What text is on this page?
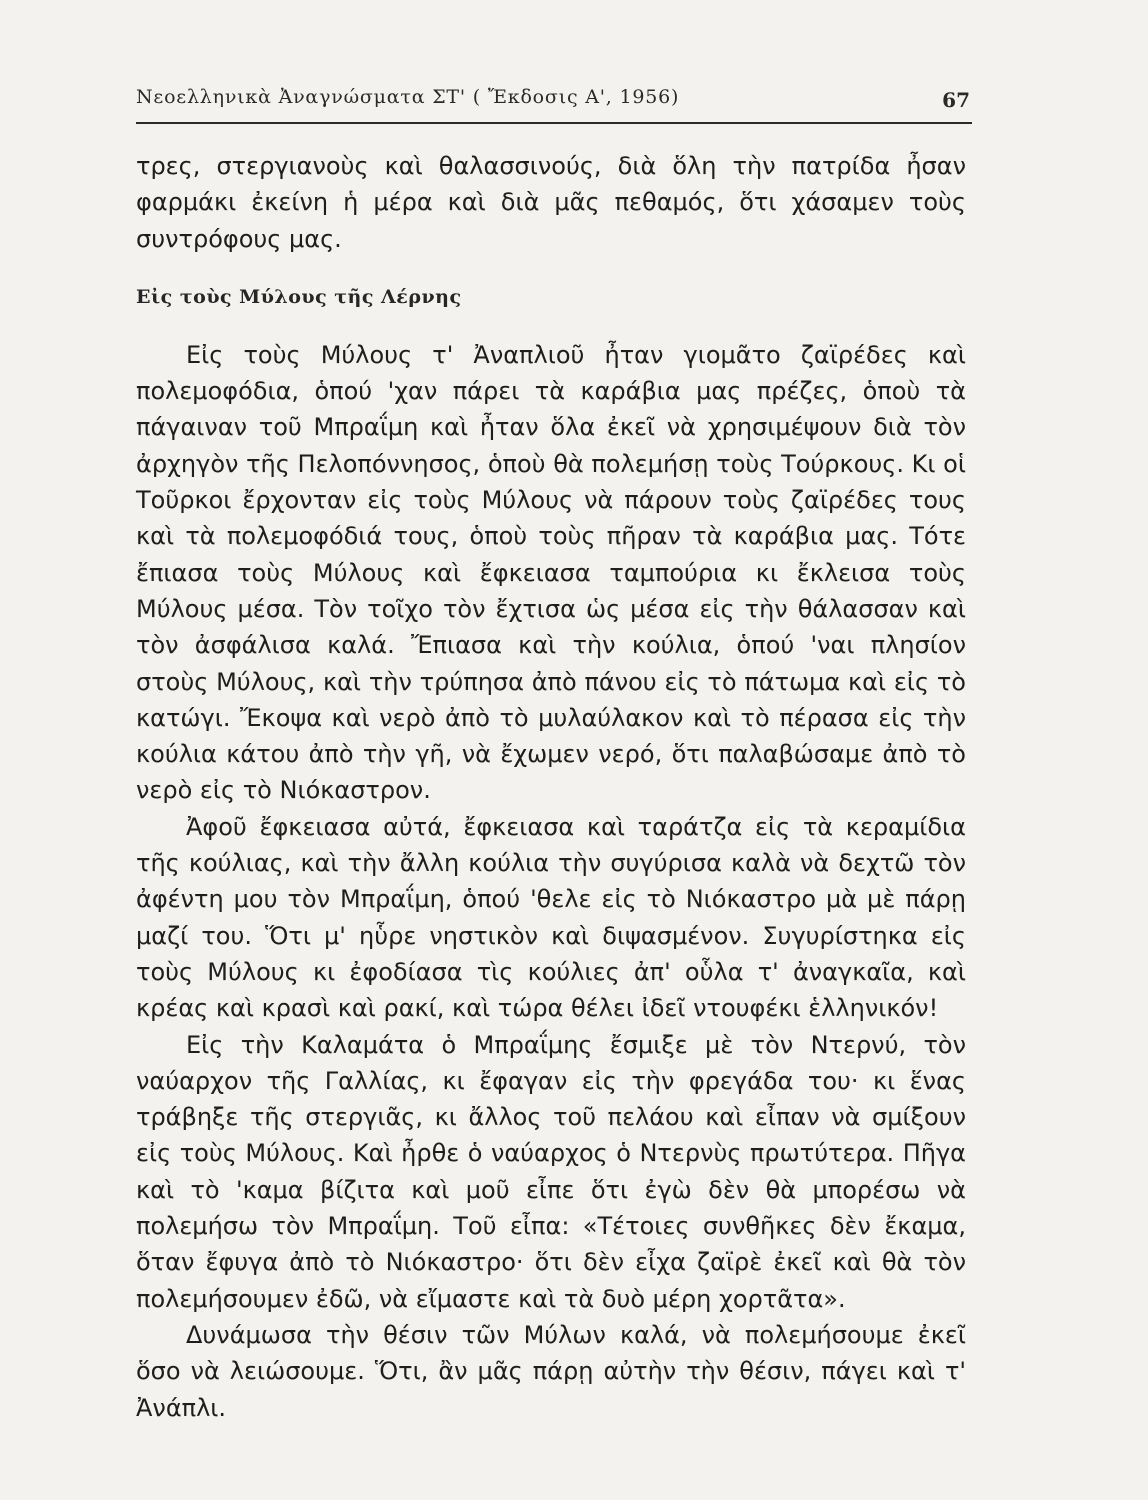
Νεοελληνικὰ Ἀναγνώσματα ΣΤ' ( Ἔκδοσις Α', 1956)	67

τρες, στεργιανοὺς καὶ θαλασσινούς, διὰ ὅλη τὴν πατρίδα ἦσαν φαρμάκι ἐκείνη ἡ μέρα καὶ διὰ μᾶς πεθαμός, ὅτι χάσαμεν τοὺς συντρόφους μας.

Εἰς τοὺς Μύλους τῆς Λέρνης

Εἰς τοὺς Μύλους τ' Ἀναπλιοῦ ἦταν γιομᾶτο ζαϊρέδες καὶ πολεμοφόδια, ὁπού 'χαν πάρει τὰ καράβια μας πρέζες, ὁποὺ τὰ πάγαιναν τοῦ Μπραΐμη καὶ ἦταν ὅλα ἐκεῖ νὰ χρησιμέψουν διὰ τὸν ἀρχηγὸν τῆς Πελοπόννησος, ὁποὺ θὰ πολεμήσῃ τοὺς Τούρκους. Κι οἱ Τοῦρκοι ἔρχονταν εἰς τοὺς Μύλους νὰ πάρουν τοὺς ζαϊρέδες τους καὶ τὰ πολεμοφόδιά τους, ὁποὺ τοὺς πῆραν τὰ καράβια μας. Τότε ἔπιασα τοὺς Μύλους καὶ ἔφκειασα ταμπούρια κι ἔκλεισα τοὺς Μύλους μέσα. Τὸν τοῖχο τὸν ἔχτισα ὡς μέσα εἰς τὴν θάλασσαν καὶ τὸν ἀσφάλισα καλά. Ἔπιασα καὶ τὴν κούλια, ὁπού 'ναι πλησίον στοὺς Μύλους, καὶ τὴν τρύπησα ἀπὸ πάνου εἰς τὸ πάτωμα καὶ εἰς τὸ κατώγι. Ἔκοψα καὶ νερὸ ἀπὸ τὸ μυλαύλακον καὶ τὸ πέρασα εἰς τὴν κούλια κάτου ἀπὸ τὴν γῆ, νὰ ἔχωμεν νερό, ὅτι παλαβώσαμε ἀπὸ τὸ νερὸ εἰς τὸ Νιόκαστρον.

Ἀφοῦ ἔφκειασα αὐτά, ἔφκειασα καὶ ταράτζα εἰς τὰ κεραμίδια τῆς κούλιας, καὶ τὴν ἄλλη κούλια τὴν συγύρισα καλὰ νὰ δεχτῶ τὸν ἀφέντη μου τὸν Μπραΐμη, ὁπού 'θελε εἰς τὸ Νιόκαστρο μὰ μὲ πάρῃ μαζί του. Ὅτι μ' ηὗρε νηστικὸν καὶ διψασμένον. Συγυρίστηκα εἰς τοὺς Μύλους κι ἐφοδίασα τὶς κούλιες ἀπ' οὗλα τ' ἀναγκαῖα, καὶ κρέας καὶ κρασὶ καὶ ρακί, καὶ τώρα θέλει ἰδεῖ ντουφέκι ἑλληνικόν!

Εἰς τὴν Καλαμάτα ὁ Μπραΐμης ἔσμιξε μὲ τὸν Ντερνύ, τὸν ναύαρχον τῆς Γαλλίας, κι ἔφαγαν εἰς τὴν φρεγάδα του· κι ἕνας τράβηξε τῆς στεργιᾶς, κι ἄλλος τοῦ πελάου καὶ εἶπαν νὰ σμίξουν εἰς τοὺς Μύλους. Καὶ ἦρθε ὁ ναύαρχος ὁ Ντερνὺς πρωτύτερα. Πῆγα καὶ τὸ 'καμα βίζιτα καὶ μοῦ εἶπε ὅτι ἐγὼ δὲν θὰ μπορέσω νὰ πολεμήσω τὸν Μπραΐμη. Τοῦ εἶπα: «Τέτοιες συνθῆκες δὲν ἔκαμα, ὅταν ἔφυγα ἀπὸ τὸ Νιόκαστρο· ὅτι δὲν εἶχα ζαϊρὲ ἐκεῖ καὶ θὰ τὸν πολεμήσουμεν ἐδῶ, νὰ εἴμαστε καὶ τὰ δυὸ μέρη χορτᾶτα».

Δυνάμωσα τὴν θέσιν τῶν Μύλων καλά, νὰ πολεμήσουμε ἐκεῖ ὅσο νὰ λειώσουμε. Ὅτι, ἂν μᾶς πάρῃ αὐτὴν τὴν θέσιν, πάγει καὶ τ' Ἀνάπλι.
